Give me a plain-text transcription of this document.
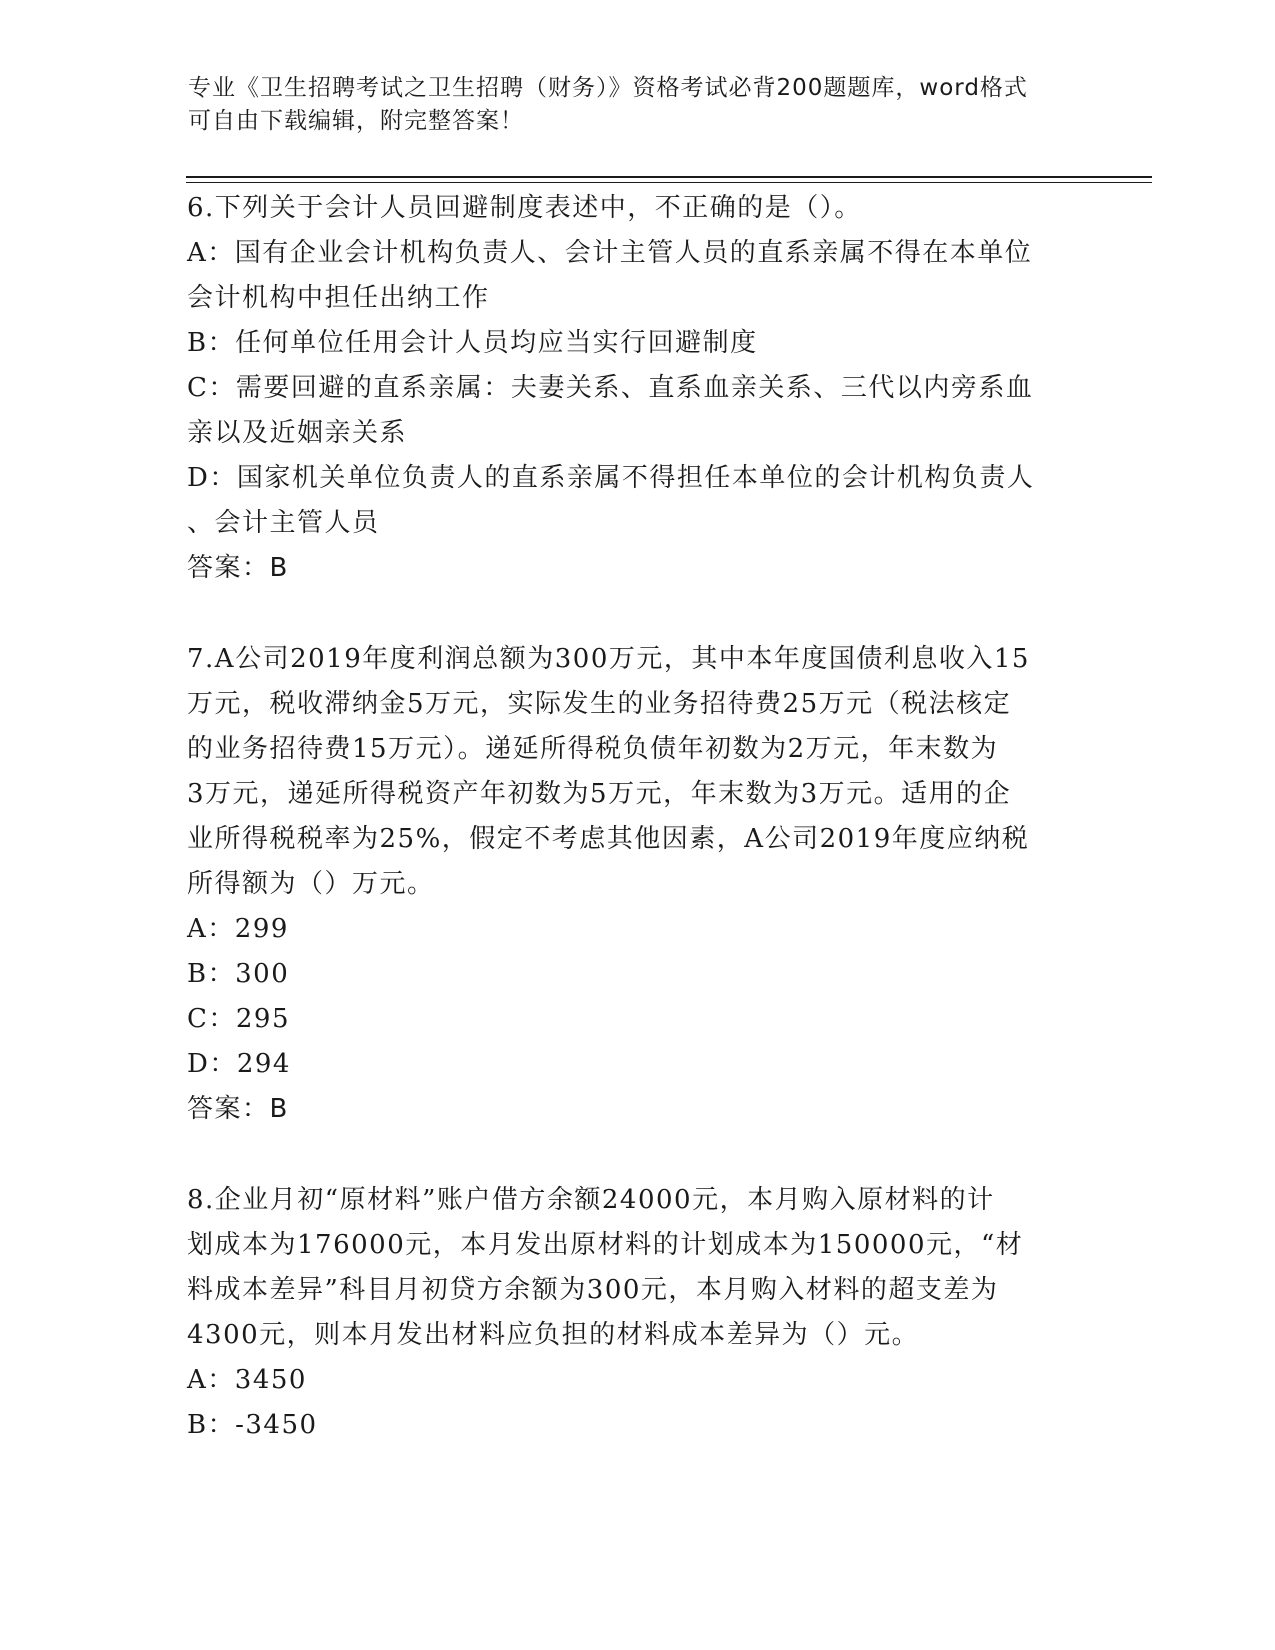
专业《卫生招聘考试之卫生招聘（财务）》资格考试必背200题题库，word格式
可自由下载编辑，附完整答案！

6.下列关于会计人员回避制度表述中，不正确的是（）。

A：国有企业会计机构负责人、会计主管人员的直系亲属不得在本单位

会计机构中担任出纳工作

B：任何单位任用会计人员均应当实行回避制度

C：需要回避的直系亲属：夫妻关系、直系血亲关系、三代以内旁系血

亲以及近姻亲关系

D：国家机关单位负责人的直系亲属不得担任本单位的会计机构负责人

、会计主管人员

答案：B

7.A公司2019年度利润总额为300万元，其中本年度国债利息收入15

万元，税收滞纳金5万元，实际发生的业务招待费25万元（税法核定

的业务招待费15万元）。递延所得税负债年初数为2万元，年末数为

3万元，递延所得税资产年初数为5万元，年末数为3万元。适用的企

业所得税税率为25%，假定不考虑其他因素，A公司2019年度应纳税

所得额为（）万元。

A：299

B：300

C：295

D：294

答案：B

8.企业月初“原材料”账户借方余额24000元，本月购入原材料的计

划成本为176000元，本月发出原材料的计划成本为150000元，“材

料成本差异”科目月初贷方余额为300元，本月购入材料的超支差为

4300元，则本月发出材料应负担的材料成本差异为（）元。

A：3450

B：-3450
